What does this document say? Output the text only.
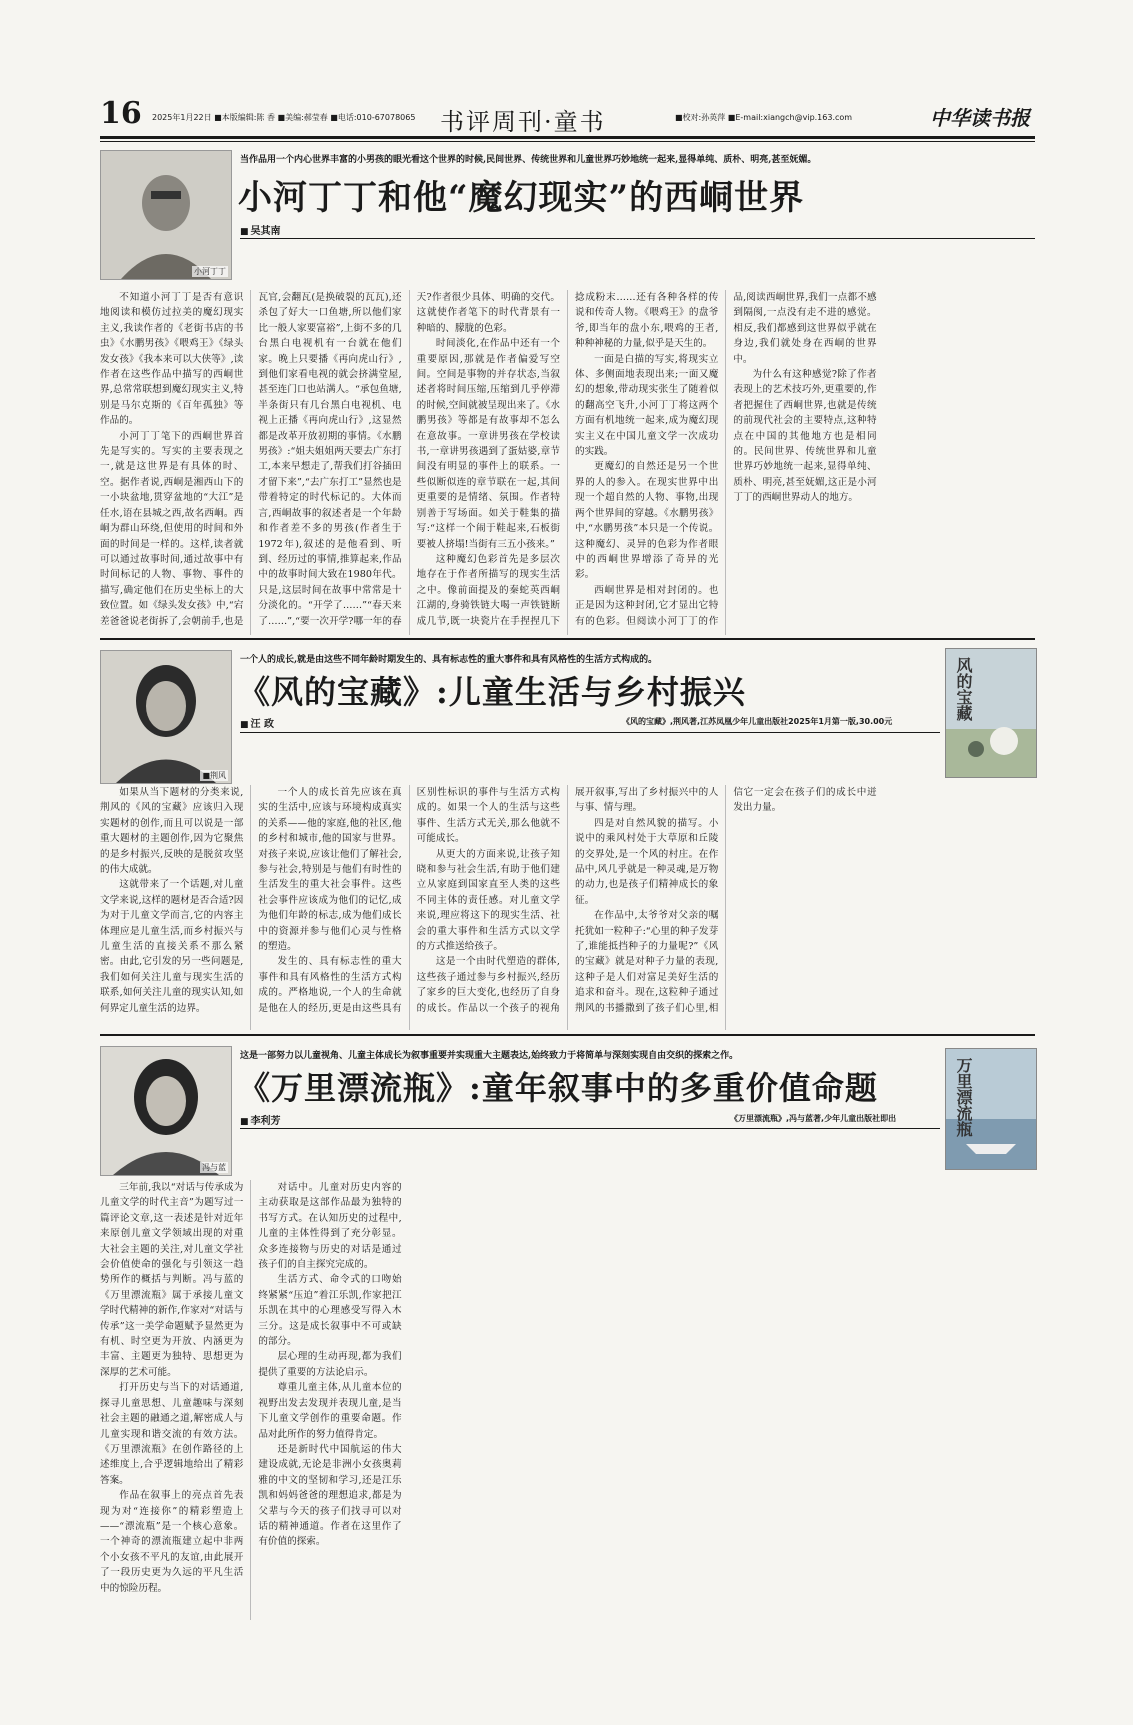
16 2025年1月22日 ■本版编辑:陈 香 ■美编:郝莹春 ■电话:010-67078065 书评周刊·童书	■校对:孙英萍 ■E-mail:xiangch@vip.163.com	中华读书报
小河丁丁
当作品用一个内心世界丰富的小男孩的眼光看这个世界的时候,民间世界、传统世界和儿童世界巧妙地统一起来,显得单纯、质朴、明亮,甚至妩媚。
小河丁丁和他“魔幻现实”的西峒世界
■ 吴其南

不知道小河丁丁是否有意识地阅读和模仿过拉美的魔幻现实主义,我读作者的《老街书店的书虫》《水鹏男孩》《喂鸡王》《绿头发女孩》《我本来可以大侠等》,读作者在这些作品中描写的西峒世界,总常常联想到魔幻现实主义,特别是马尔克斯的《百年孤独》等作品的。

小河丁丁笔下的西峒世界首先是写实的。写实的主要表现之一,就是这世界是有具体的时、空。据作者说,西峒是湘西山下的一小块盆地,贯穿盆地的“大江”是任水,语在县城之西,故名西峒。西峒为群山环绕,但使用的时间和外面的时间是一样的。这样,读者就可以通过故事时间,通过故事中有时间标记的人物、事物、事件的描写,确定他们在历史坐标上的大致位置。如《绿头发女孩》中,“宕差爸爸说老街拆了,会朝前手,也是瓦官,会翻瓦(是换破裂的瓦瓦),还杀包了好大一口鱼塘,所以他们家比一般人家要富裕”,上街不多的几台黑白电视机有一台就在他们家。晚上只要播《再向虎山行》,到他们家看电视的就会挤满堂屋,甚至连门口也站满人。“承包鱼塘,半条街只有几台黑白电视机、电视上正播《再向虎山行》,这显然都是改革开放初期的事情。《水鹏男孩》:“姐夫姐姐两天要去广东打工,本来早想走了,帮我们打谷插田才留下来”,“去广东打工”显然也是带着特定的时代标记的。大体而言,西峒故事的叙述者是一个年龄和作者差不多的男孩(作者生于1972年),叙述的是他看到、听到、经历过的事情,推算起来,作品中的故事时间大致在1980年代。只是,这层时间在故事中常常是十分淡化的。“开学了……”“春天来了……”,“要一次开学?哪一年的春天?作者很少具体、明确的交代。这就使作者笔下的时代背景有一种暗的、朦胧的色彩。

时间淡化,在作品中还有一个重要原因,那就是作者偏爱写空间。空间是事物的并存状态,当叙述者将时间压缩,压缩到几乎停滞的时候,空间就被呈现出来了。《水鹏男孩》等都是有故事却不怎么在意故事。一章讲男孩在学校读书,一章讲男孩遇到了蛋姑婆,章节间没有明显的事件上的联系。一些似断似连的章节联在一起,其间更重要的是情绪、氛围。作者特别善于写场面。如关于鞋集的描写:“这样一个闹于鞋起来,石板街要被人挤塌!当街有三五小孩来。”

这种魔幻色彩首先是多层次地存在于作者所描写的现实生活之中。像前面提及的秦蛇英西峒江湖的,身骑铁链大喝一声铁链断成几节,既一块瓷片在手捏捏几下捻成粉末……还有各种各样的传说和传奇人物。《喂鸡王》的盘爷爷,即当年的盘小东,喂鸡的王者,种种神秘的力量,似乎是天生的。

一面是白描的写实,将现实立体、多侧面地表现出来;一面又魔幻的想象,带动现实张生了随着似的翻高空飞升,小河丁丁将这两个方面有机地统一起来,成为魔幻现实主义在中国儿童文学一次成功的实践。

更魔幻的自然还是另一个世界的人的参入。在现实世界中出现一个超自然的人物、事物,出现两个世界间的穿越。《水鹏男孩》中,“水鹏男孩”本只是一个传说。这种魔幻、灵异的色彩为作者眼中的西峒世界增添了奇异的光彩。

西峒世界是相对封闭的。也正是因为这种封闭,它才显出它特有的色彩。但阅读小河丁丁的作品,阅读西峒世界,我们一点都不感到隔阂,一点没有走不进的感觉。相反,我们都感到这世界似乎就在身边,我们就处身在西峒的世界中。

为什么有这种感觉?除了作者表现上的艺术技巧外,更重要的,作者把握住了西峒世界,也就是传统的前现代社会的主要特点,这种特点在中国的其他地方也是相同的。民间世界、传统世界和儿童世界巧妙地统一起来,显得单纯、质朴、明亮,甚至妩媚,这正是小河丁丁的西峒世界动人的地方。

■荆风
一个人的成长,就是由这些不同年龄时期发生的、具有标志性的重大事件和具有风格性的生活方式构成的。
《风的宝藏》:儿童生活与乡村振兴
■ 汪 政	《风的宝藏》,荆风著,江苏凤凰少年儿童出版社2025年1月第一版,30.00元
风的宝藏

如果从当下题材的分类来说,荆风的《风的宝藏》应该归入现实题材的创作,而且可以说是一部重大题材的主题创作,因为它聚焦的是乡村振兴,反映的是脱贫攻坚的伟大成就。

这就带来了一个话题,对儿童文学来说,这样的题材是否合适?因为对于儿童文学而言,它的内容主体理应是儿童生活,而乡村振兴与儿童生活的直接关系不那么紧密。由此,它引发的另一些问题是,我们如何关注儿童与现实生活的联系,如何关注儿童的现实认知,如何界定儿童生活的边界。

一个人的成长首先应该在真实的生活中,应该与环境构成真实的关系——他的家庭,他的社区,他的乡村和城市,他的国家与世界。对孩子来说,应该让他们了解社会,参与社会,特别是与他们有时性的生活发生的重大社会事件。这些社会事件应该成为他们的记忆,成为他们年龄的标志,成为他们成长中的资源并参与他们心灵与性格的塑造。

发生的、具有标志性的重大事件和具有风格性的生活方式构成的。严格地说,一个人的生命就是他在人的经历,更是由这些具有区别性标识的事件与生活方式构成的。如果一个人的生活与这些事件、生活方式无关,那么他就不可能成长。

从更大的方面来说,让孩子知晓和参与社会生活,有助于他们建立从家庭到国家直至人类的这些不同主体的责任感。对儿童文学来说,理应将这下的现实生活、社会的重大事件和生活方式以文学的方式推送给孩子。

这是一个由时代塑造的群体,这些孩子通过参与乡村振兴,经历了家乡的巨大变化,也经历了自身的成长。作品以一个孩子的视角展开叙事,写出了乡村振兴中的人与事、情与理。

四是对自然风貌的描写。小说中的乘风村处于大草原和丘陵的交界处,是一个风的村庄。在作品中,风几乎就是一种灵魂,是万物的动力,也是孩子们精神成长的象征。

在作品中,太爷爷对父亲的嘱托犹如一粒种子:“心里的种子发芽了,谁能抵挡种子的力量呢?”《风的宝藏》就是对种子力量的表现,这种子是人们对富足美好生活的追求和奋斗。现在,这粒种子通过荆风的书播撒到了孩子们心里,相信它一定会在孩子们的成长中迸发出力量。

冯与蓝
这是一部努力以儿童视角、儿童主体成长为叙事重要并实现重大主题表达,始终致力于将简单与深刻实现自由交织的探索之作。
《万里漂流瓶》:童年叙事中的多重价值命题
■ 李利芳	《万里漂流瓶》,冯与蓝著,少年儿童出版社即出	万里漂流瓶

三年前,我以“对话与传承成为儿童文学的时代主音”为题写过一篇评论文章,这一表述是针对近年来原创儿童文学领域出现的对重大社会主题的关注,对儿童文学社会价值使命的强化与引领这一趋势所作的概括与判断。冯与蓝的《万里漂流瓶》属于承接儿童文学时代精神的新作,作家对“对话与传承”这一美学命题赋予显然更为有机、时空更为开放、内涵更为丰富、主题更为独特、思想更为深厚的艺术可能。

打开历史与当下的对话通道,探寻儿童思想、儿童趣味与深刻社会主题的融通之道,解密成人与儿童实现和谐交流的有效方法。《万里漂流瓶》在创作路径的上述维度上,合乎逻辑地给出了精彩答案。

作品在叙事上的亮点首先表现为对“连接你”的精彩塑造上——“漂流瓶”是一个核心意象。一个神奇的漂流瓶建立起中非两个小女孩不平凡的友谊,由此展开了一段历史更为久远的平凡生活中的惊险历程。

对话中。儿童对历史内容的主动获取是这部作品最为独特的书写方式。在认知历史的过程中,儿童的主体性得到了充分彰显。众多连接物与历史的对话是通过孩子们的自主探究完成的。

生活方式、命令式的口吻始终紧紧“压迫”着江乐凯,作家把江乐凯在其中的心理感受写得入木三分。这是成长叙事中不可或缺的部分。

层心理的生动再现,都为我们提供了重要的方法论启示。

尊重儿童主体,从儿童本位的视野出发去发现并表现儿童,是当下儿童文学创作的重要命题。作品对此所作的努力值得肯定。

还是新时代中国航运的伟大建设成就,无论是非洲小女孩奥莉雅的中文的坚韧和学习,还是江乐凯和妈妈爸爸的理想追求,都是为父辈与今天的孩子们找寻可以对话的精神通道。作者在这里作了有价值的探索。
